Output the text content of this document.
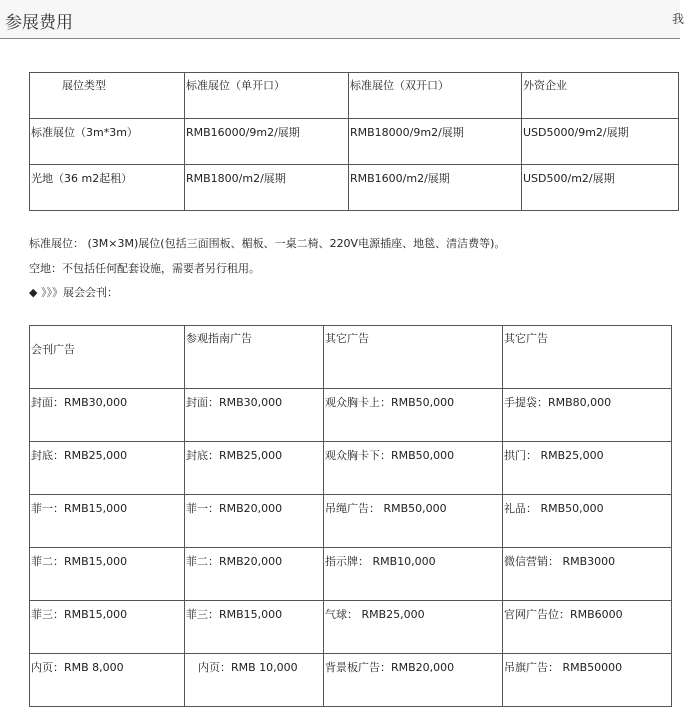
参展费用	我
展位类型	标准展位（单开口）	标准展位（双开口）	外资企业
标准展位（3m*3m）	RMB16000/9m2/展期	RMB18000/9m2/展期	USD5000/9m2/展期
光地（36 m2起租）	RMB1800/m2/展期	RMB1600/m2/展期	USD500/m2/展期
标准展位： (3M×3M)展位(包括三面围板、楣板、一桌二椅、220V电源插座、地毯、清洁费等)。
空地：不包括任何配套设施，需要者另行租用。
◆ 》》》展会会刊：
会刊广告	参观指南广告	其它广告	其它广告
封面：RMB30,000	封面：RMB30,000	观众胸卡上：RMB50,000	手提袋：RMB80,000
封底：RMB25,000	封底：RMB25,000	观众胸卡下：RMB50,000	拱门： RMB25,000
菲一：RMB15,000	菲一：RMB20,000	吊绳广告： RMB50,000	礼品： RMB50,000
菲二：RMB15,000	菲二：RMB20,000	指示牌： RMB10,000	微信营销： RMB3000
菲三：RMB15,000	菲三：RMB15,000	气球： RMB25,000	官网广告位：RMB6000
内页：RMB 8,000	内页：RMB 10,000	背景板广告：RMB20,000	吊旗广告： RMB50000
